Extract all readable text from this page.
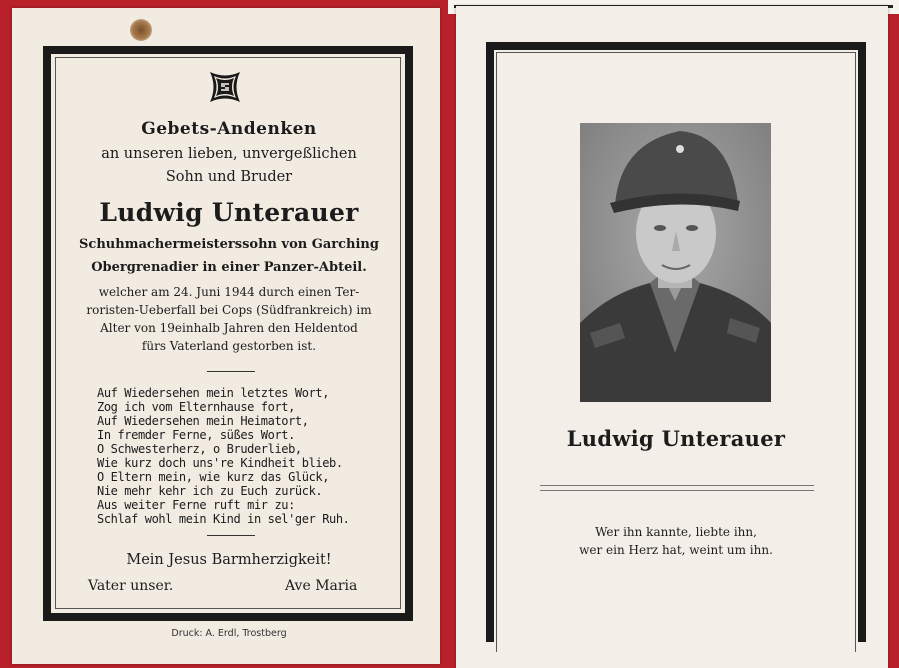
Gebets-Andenken
an unseren lieben, unvergeßlichen
Sohn und Bruder
Ludwig Unterauer
Schuhmachermeisterssohn von Garching
Obergrenadier in einer Panzer-Abteil.
welcher am 24. Juni 1944 durch einen Ter-
roristen-Ueberfall bei Cops (Südfrankreich) im
Alter von 19einhalb Jahren den Heldentod
fürs Vaterland gestorben ist.
Auf Wiedersehen mein letztes Wort,
Zog ich vom Elternhause fort,
Auf Wiedersehen mein Heimatort,
In fremder Ferne, süßes Wort.
O Schwesterherz, o Bruderlieb,
Wie kurz doch uns're Kindheit blieb.
O Eltern mein, wie kurz das Glück,
Nie mehr kehr ich zu Euch zurück.
Aus weiter Ferne ruft mir zu:
Schlaf wohl mein Kind in sel'ger Ruh.
Mein Jesus Barmherzigkeit!
Vater unser.	Ave Maria
Druck: A. Erdl, Trostberg
Ludwig Unterauer
Wer ihn kannte, liebte ihn,
wer ein Herz hat, weint um ihn.
